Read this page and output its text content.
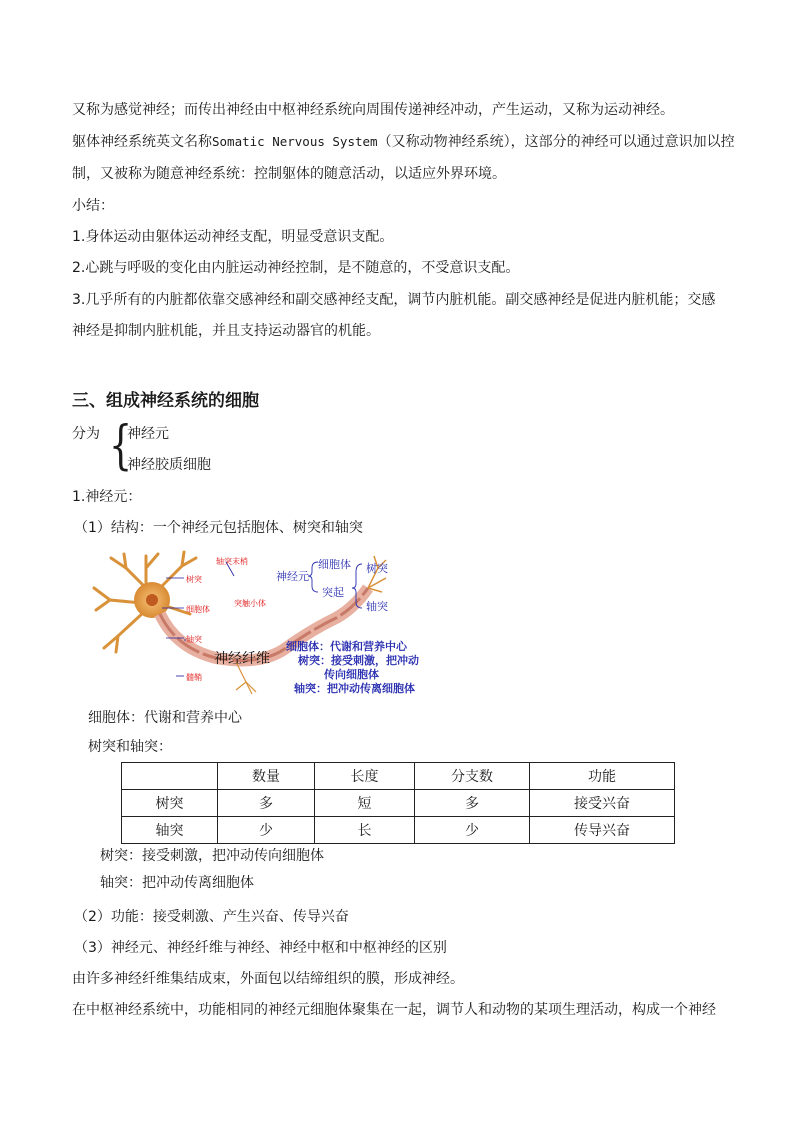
又称为感觉神经；而传出神经由中枢神经系统向周围传递神经冲动，产生运动，又称为运动神经。
躯体神经系统英文名称Somatic Nervous System（又称动物神经系统），这部分的神经可以通过意识加以控
制，又被称为随意神经系统：控制躯体的随意活动，以适应外界环境。
小结：
1.身体运动由躯体运动神经支配，明显受意识支配。
2.心跳与呼吸的变化由内脏运动神经控制，是不随意的，不受意识支配。
3.几乎所有的内脏都依靠交感神经和副交感神经支配，调节内脏机能。副交感神经是促进内脏机能；交感
神经是抑制内脏机能，并且支持运动器官的机能。
三、组成神经系统的细胞
分为 {
神经元
神经胶质细胞
1.神经元：
（1）结构：一个神经元包括胞体、树突和轴突
树突
轴突末梢
细胞体
突触小体
轴突
髓鞘
神经纤维
神经元
细胞体
突起
树突
轴突
细胞体：代谢和营养中心
树突：接受刺激，把冲动
传向细胞体
轴突：把冲动传离细胞体
细胞体：代谢和营养中心
树突和轴突：
	数量	长度	分支数	功能
树突	多	短	多	接受兴奋
轴突	少	长	少	传导兴奋
树突：接受刺激，把冲动传向细胞体
轴突：把冲动传离细胞体
（2）功能：接受刺激、产生兴奋、传导兴奋
（3）神经元、神经纤维与神经、神经中枢和中枢神经的区别
由许多神经纤维集结成束，外面包以结缔组织的膜，形成神经。
在中枢神经系统中，功能相同的神经元细胞体聚集在一起，调节人和动物的某项生理活动，构成一个神经
